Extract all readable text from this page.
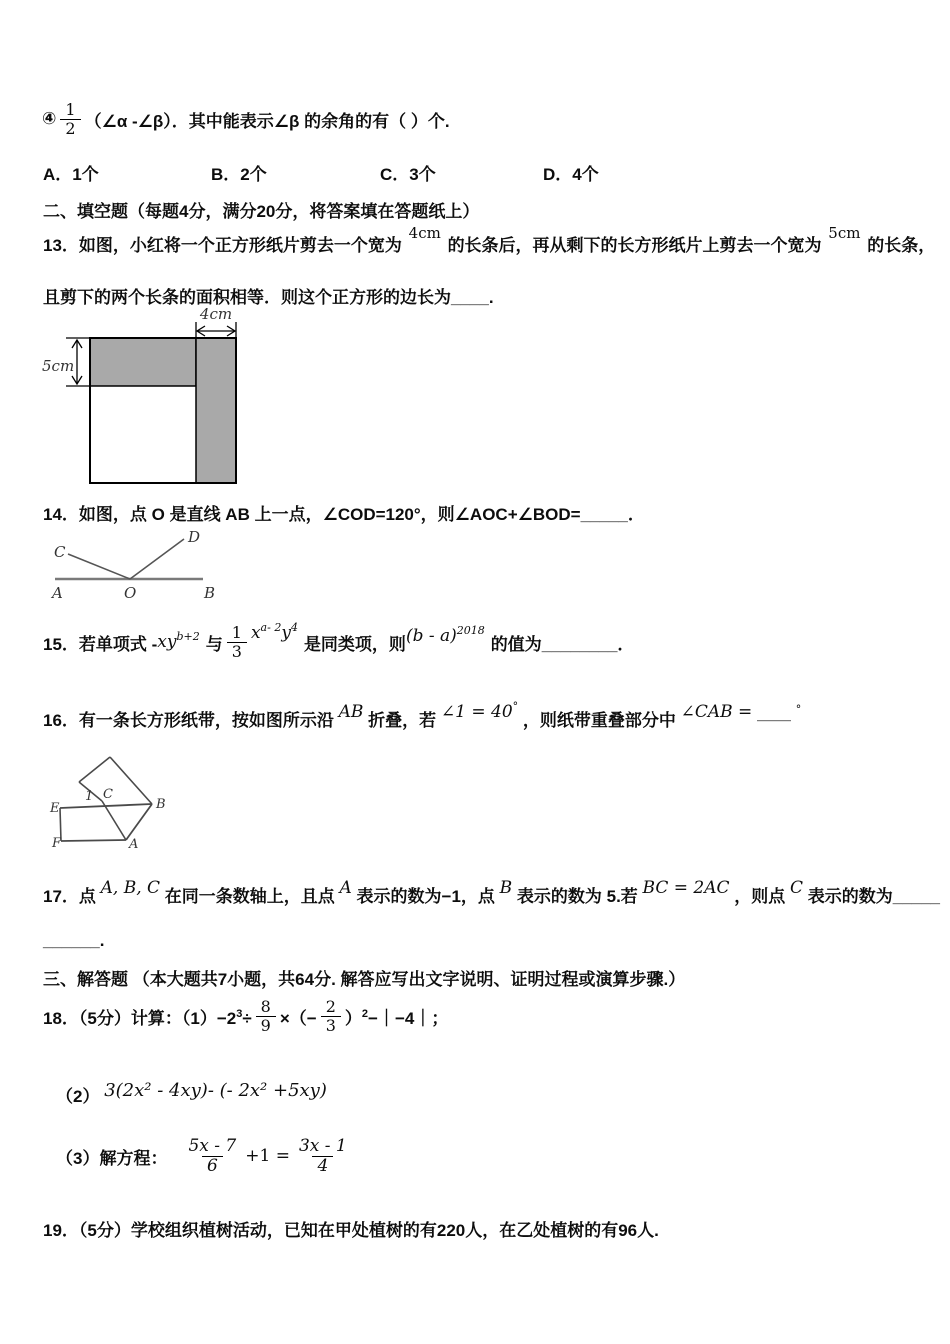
④ $\frac{1}{2}$ （∠α -∠β）．其中能表示∠β 的余角的有（ ）个.
A．1个	B．2个	C．3个	D．4个
二、填空题（每题4分，满分20分，将答案填在答题纸上）
13．如图，小红将一个正方形纸片剪去一个宽为 4cm 的长条后，再从剩下的长方形纸片上剪去一个宽为 5cm 的长条，
且剪下的两个长条的面积相等．则这个正方形的边长为____.
4cm
5cm
14．如图，点 O 是直线 AB 上一点，∠COD=120°，则∠AOC+∠BOD=_____．
A	O	B
C
D
15．若单项式 - $xy^{b+2}$ 与 $\frac{1}{3} x^{a- 2}y^4$
是同类项，则 (b - a)$^{2018}$
的值为________．
16．有一条长方形纸带，按如图所示沿 AB 折叠，若 ∠1 = 40° ，则纸带重叠部分中 ∠CAB = ____ °
E
F	A
B
C
1
17．点 A, B, C 在同一条数轴上，且点 A 表示的数为−1，点 B 表示的数为 5.若 BC = 2AC ，则点 C 表示的数为_____
______.
三、解答题 （本大题共7小题，共64分. 解答应写出文字说明、证明过程或演算步骤.）
18．（5分）计算：$(1)-2^3\div \frac{8}{9}$ ×（− $\frac{2}{3}$ ）$^2$−｜−4｜；
（2） 3(2x² - 4xy)- (- 2x² +5xy)
（3）解方程： $\frac{5x - 7}{6} +1 = \frac{3x - 1}{4}$
19．（5分）学校组织植树活动，已知在甲处植树的有220人，在乙处植树的有96人.
